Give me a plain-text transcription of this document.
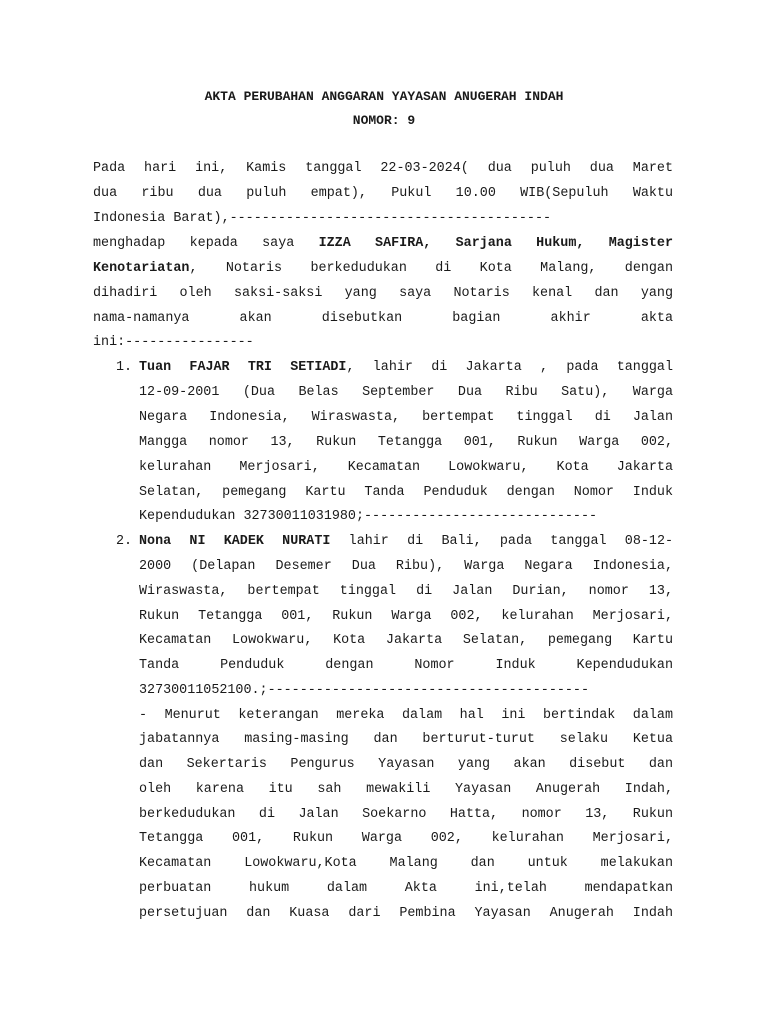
AKTA PERUBAHAN ANGGARAN YAYASAN ANUGERAH INDAH
NOMOR: 9
Pada hari ini, Kamis tanggal 22-03-2024( dua puluh dua Maret
dua ribu dua puluh empat), Pukul 10.00 WIB(Sepuluh Waktu
Indonesia Barat),----------------------------------------
menghadap kepada saya IZZA SAFIRA, Sarjana Hukum, Magister
Kenotariatan, Notaris berkedudukan di Kota Malang, dengan
dihadiri oleh saksi-saksi yang saya Notaris kenal dan yang
nama-namanya akan disebutkan bagian akhir akta
ini:----------------
1. Tuan FAJAR TRI SETIADI, lahir di Jakarta , pada tanggal
12-09-2001 (Dua Belas September Dua Ribu Satu), Warga
Negara Indonesia, Wiraswasta, bertempat tinggal di Jalan
Mangga nomor 13, Rukun Tetangga 001, Rukun Warga 002,
kelurahan Merjosari, Kecamatan Lowokwaru, Kota Jakarta
Selatan, pemegang Kartu Tanda Penduduk dengan Nomor Induk
Kependudukan 32730011031980;-----------------------------
2. Nona NI KADEK NURATI lahir di Bali, pada tanggal 08-12-
2000 (Delapan Desemer Dua Ribu), Warga Negara Indonesia,
Wiraswasta, bertempat tinggal di Jalan Durian, nomor 13,
Rukun Tetangga 001, Rukun Warga 002, kelurahan Merjosari,
Kecamatan Lowokwaru, Kota Jakarta Selatan, pemegang Kartu
Tanda Penduduk dengan Nomor Induk Kependudukan
32730011052100.;----------------------------------------
- Menurut keterangan mereka dalam hal ini bertindak dalam
jabatannya masing-masing dan berturut-turut selaku Ketua
dan Sekertaris Pengurus Yayasan yang akan disebut dan
oleh karena itu sah mewakili Yayasan Anugerah Indah,
berkedudukan di Jalan Soekarno Hatta, nomor 13, Rukun
Tetangga 001, Rukun Warga 002, kelurahan Merjosari,
Kecamatan Lowokwaru,Kota Malang dan untuk melakukan
perbuatan hukum dalam Akta ini,telah mendapatkan
persetujuan dan Kuasa dari Pembina Yayasan Anugerah Indah
